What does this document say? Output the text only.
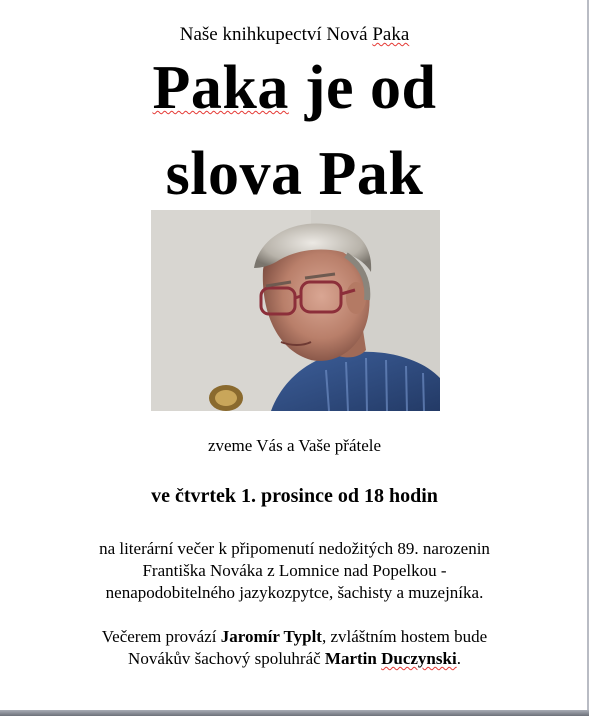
Naše knihkupectví Nová Paka
Paka je od
slova Pak
zveme Vás a Vaše přátele
ve čtvrtek 1. prosince od 18 hodin
na literární večer k připomenutí nedožitých 89. narozenin
Františka Nováka z Lomnice nad Popelkou -
nenapodobitelného jazykozpytce, šachisty a muzejníka.
Večerem provází Jaromír Typlt, zvláštním hostem bude
Novákův šachový spoluhráč Martin Duczynski.
